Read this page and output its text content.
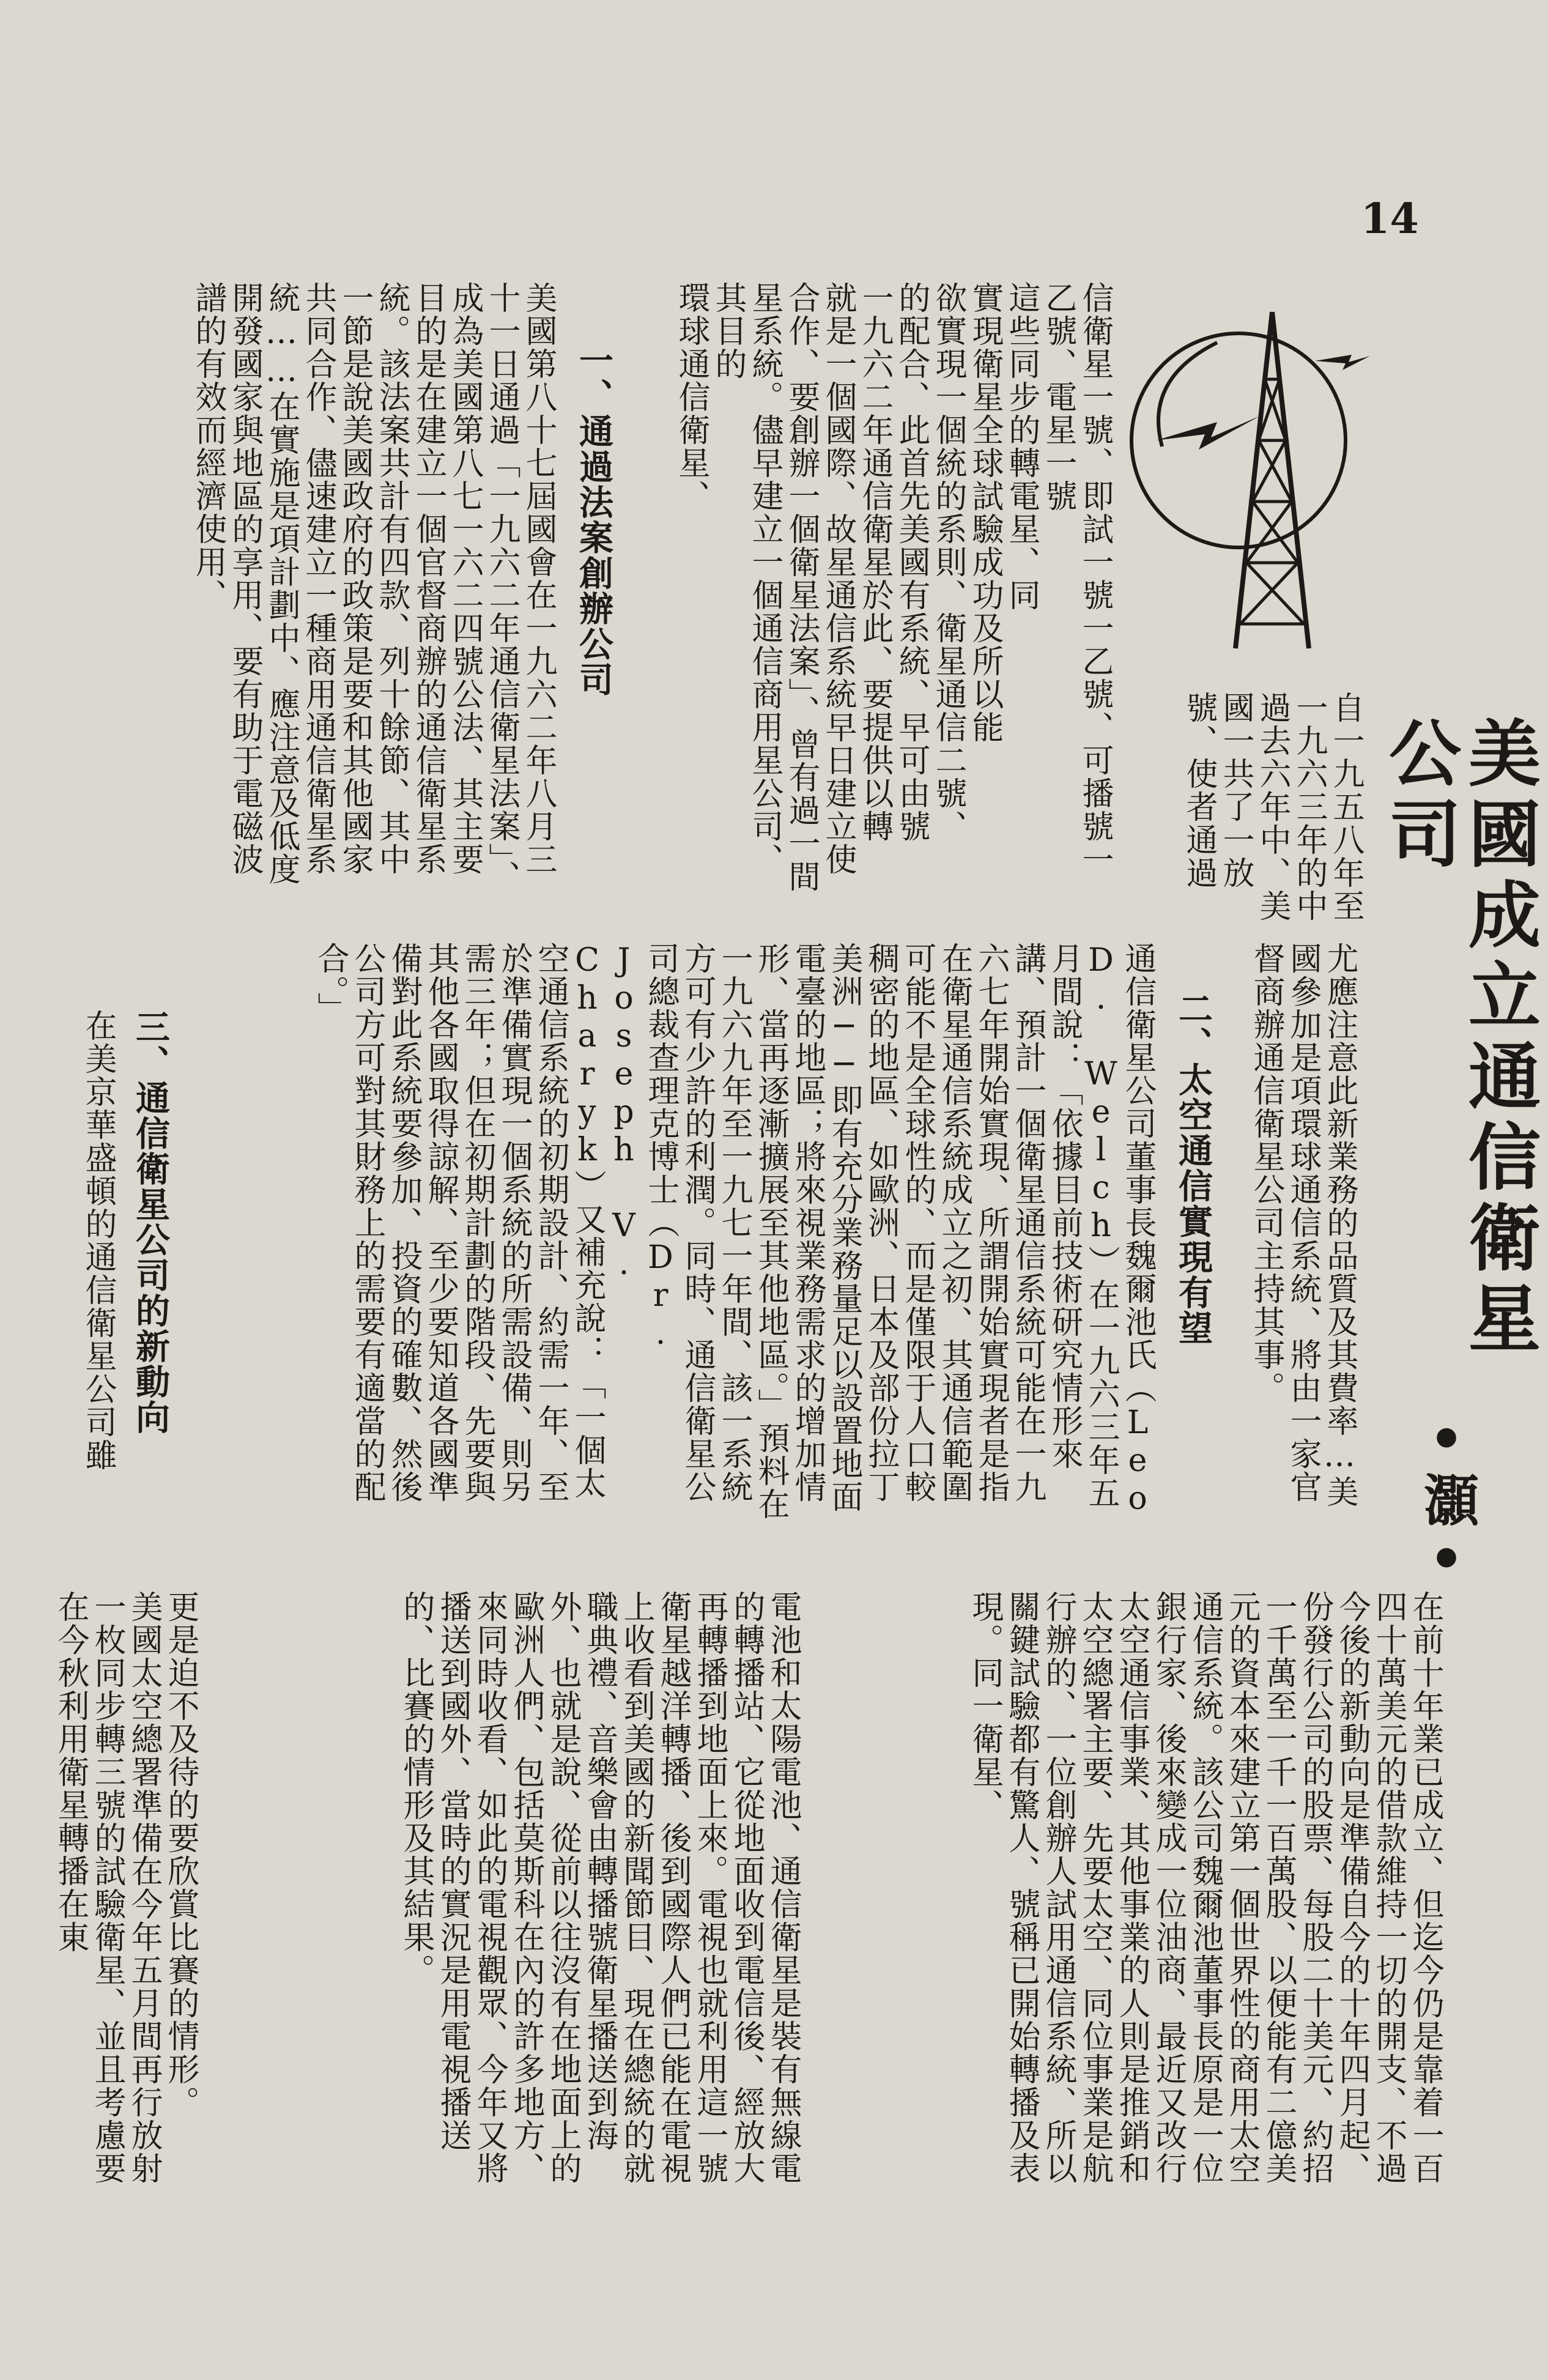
14
美國成立通信衛星公司
•灝•
自一九五八年至一九六三年的中過去六年中、美國一共了一放號、使者通過
信衛星一號、即試一號一乙號、可播號一乙號、電星一號
這些同步的轉電星、同
實現衛星全球試驗成功及所以能
欲實現一個統的系則、衛星通信二號、
的配合、此首先美國有系統、早可由號
一九六二年通信衛星於此、要提供以轉
就是一個國際、故星通信系統早日建立使
合作、要創辦一個衛星法案」、曾有過一間
星系統。儘早建立一個通信商用星公司、其目的
環球通信衛星、
一、通過法案創辦公司
美國第八十七屆國會在一九六二年八月三十一日通過「一九六二年通信衛星法案」、成為美國第八七一六二四號公法、其主要目的是在建立一個官督商辦的通信衛星系統。該法案共計有四款、列十餘節、其中一節是說美國政府的政策是要和其他國家共同合作、儘速建立一種商用通信衛星系統……在實施是項計劃中、應注意及低度開發國家與地區的享用、要有助于電磁波譜的有效而經濟使用、
尤應注意此新業務的品質及其費率…美國參加是項環球通信系統、將由一家官督商辦通信衛星公司主持其事。
二、太空通信實現有望
通信衛星公司董事長魏爾池氏（Leo D. Welch）在一九六三年五月間說：「依據目前技術研究情形來講、預計一個衛星通信系統可能在一九六七年開始實現、所謂開始實現者是指在衛星通信系統成立之初、其通信範圍可能不是全球性的、而是僅限于人口較稠密的地區、如歐洲、日本及部份拉丁美洲──即有充分業務量足以設置地面電臺的地區；將來視業務需求的增加情形、當再逐漸擴展至其他地區。」預料在一九六九年至一九七一年間、該一系統方可有少許的利潤。同時、通信衛星公司總裁查理克博士（Dr. Joseph V. Charyk）又補充說：「一個太空通信系統的初期設計、約需一年、至於準備實現一個系統的所需設備、則另需三年；但在初期計劃的階段、先要與其他各國取得諒解、至少要知道各國準備對此系統要參加、投資的確數、然後公司方可對其財務上的需要有適當的配合。」
三、通信衛星公司的新動向
在美京華盛頓的通信衛星公司雖
在前十年業已成立、但迄今仍是靠着一百四十萬美元的借款維持一切的開支、不過今後的新動向是準備自今的十年四月起、份發行公司的股票、每股二十美元、約招一千萬至一千一百萬股、以便能有二億美元的資本來建立第一個世界性的商用太空通信系統。該公司魏爾池董事長原是一位銀行家、後來變成一位油商、最近又改行太空通信事業、其他事業的人則是推銷和太空總署主要、先要太空、同位事業是航行辦的、一位創辦人試用通信系統、所以關鍵試驗都有驚人、號稱已開始轉播及表現。同一衛星、
電池和太陽電池、通信衛星是裝有無線電的轉播站、它從地面收到電信後、經放大再轉播到地面上來。電視也就利用這一號衛星越洋轉播、後到國際人們已能在電視上收看到美國的新聞節目、現在總統的就職典禮、音樂會由轉播號衛星播送到海外、也就是說、從前以往沒有在地面上的歐洲人們、包括莫斯科在內的許多地方、來同時收看、如此的電視觀眾、今年又將播送到國外、當時的實況是用電視播送的、比賽的情形及其結果。
更是迫不及待的要欣賞比賽的情形。
美國太空總署準備在今年五月間再行放射一枚同步轉三號的試驗衛星、並且考慮要在今秋利用衛星轉播在東
